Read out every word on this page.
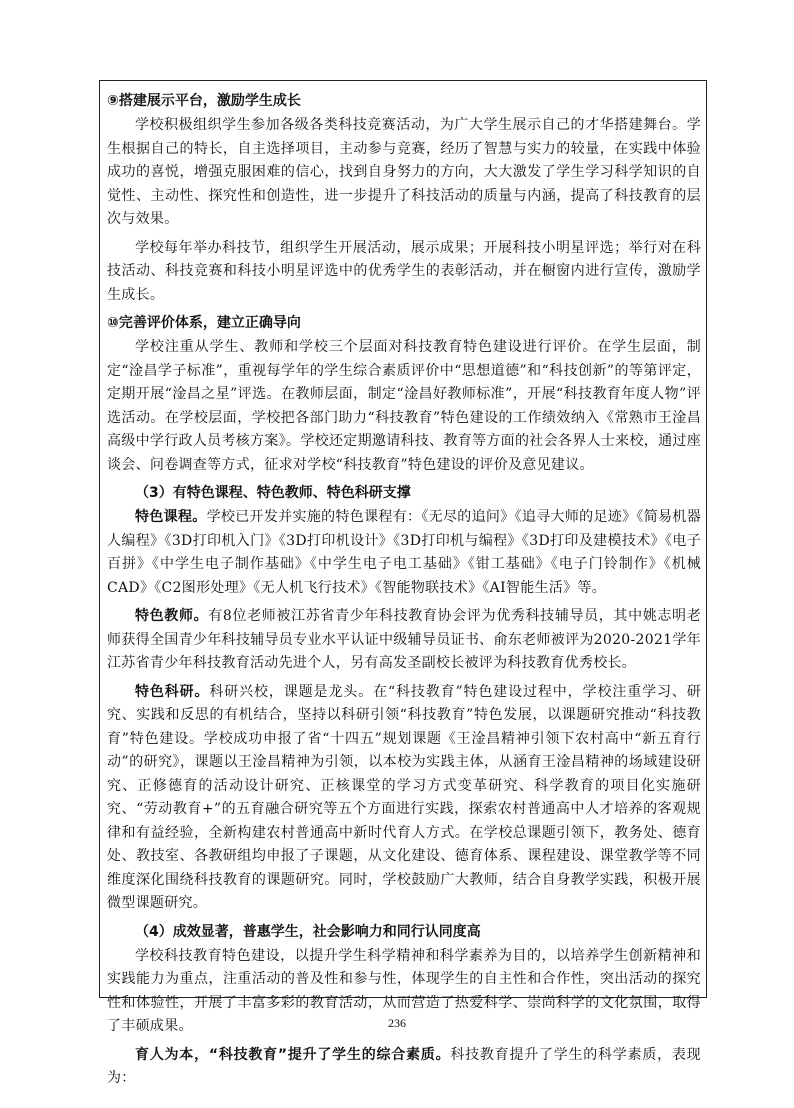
⑨搭建展示平台，激励学生成长

学校积极组织学生参加各级各类科技竞赛活动，为广大学生展示自己的才华搭建舞台。学生根据自己的特长，自主选择项目，主动参与竞赛，经历了智慧与实力的较量，在实践中体验成功的喜悦，增强克服困难的信心，找到自身努力的方向，大大激发了学生学习科学知识的自觉性、主动性、探究性和创造性，进一步提升了科技活动的质量与内涵，提高了科技教育的层次与效果。

学校每年举办科技节，组织学生开展活动，展示成果；开展科技小明星评选；举行对在科技活动、科技竞赛和科技小明星评选中的优秀学生的表彰活动，并在橱窗内进行宣传，激励学生成长。

⑩完善评价体系，建立正确导向

学校注重从学生、教师和学校三个层面对科技教育特色建设进行评价。在学生层面，制定“淦昌学子标准”，重视每学年的学生综合素质评价中“思想道德”和“科技创新”的等第评定，定期开展“淦昌之星”评选。在教师层面，制定“淦昌好教师标准”，开展“科技教育年度人物”评选活动。在学校层面，学校把各部门助力“科技教育”特色建设的工作绩效纳入《常熟市王淦昌高级中学行政人员考核方案》。学校还定期邀请科技、教育等方面的社会各界人士来校，通过座谈会、问卷调查等方式，征求对学校“科技教育”特色建设的评价及意见建议。

（3）有特色课程、特色教师、特色科研支撑

特色课程。学校已开发并实施的特色课程有：《无尽的追问》《追寻大师的足迹》《简易机器人编程》《3D打印机入门》《3D打印机设计》《3D打印机与编程》《3D打印及建模技术》《电子百拼》《中学生电子制作基础》《中学生电子电工基础》《钳工基础》《电子门铃制作》《机械CAD》《C2图形处理》《无人机飞行技术》《智能物联技术》《AI智能生活》等。

特色教师。有8位老师被江苏省青少年科技教育协会评为优秀科技辅导员，其中姚志明老师获得全国青少年科技辅导员专业水平认证中级辅导员证书、俞东老师被评为2020-2021学年江苏省青少年科技教育活动先进个人，另有高发圣副校长被评为科技教育优秀校长。

特色科研。科研兴校，课题是龙头。在“科技教育”特色建设过程中，学校注重学习、研究、实践和反思的有机结合，坚持以科研引领“科技教育”特色发展，以课题研究推动“科技教育”特色建设。学校成功申报了省“十四五”规划课题《王淦昌精神引领下农村高中“新五育行动”的研究》，课题以王淦昌精神为引领，以本校为实践主体，从涵育王淦昌精神的场域建设研究、正修德育的活动设计研究、正核课堂的学习方式变革研究、科学教育的项目化实施研究、“劳动教育+”的五育融合研究等五个方面进行实践，探索农村普通高中人才培养的客观规律和有益经验，全新构建农村普通高中新时代育人方式。在学校总课题引领下，教务处、德育处、教技室、各教研组均申报了子课题，从文化建设、德育体系、课程建设、课堂教学等不同维度深化围绕科技教育的课题研究。同时，学校鼓励广大教师，结合自身教学实践，积极开展微型课题研究。

（4）成效显著，普惠学生，社会影响力和同行认同度高

学校科技教育特色建设，以提升学生科学精神和科学素养为目的，以培养学生创新精神和实践能力为重点，注重活动的普及性和参与性，体现学生的自主性和合作性，突出活动的探究性和体验性，开展了丰富多彩的教育活动，从而营造了热爱科学、崇尚科学的文化氛围，取得了丰硕成果。

育人为本，“科技教育”提升了学生的综合素质。科技教育提升了学生的科学素质，表现为：

236
